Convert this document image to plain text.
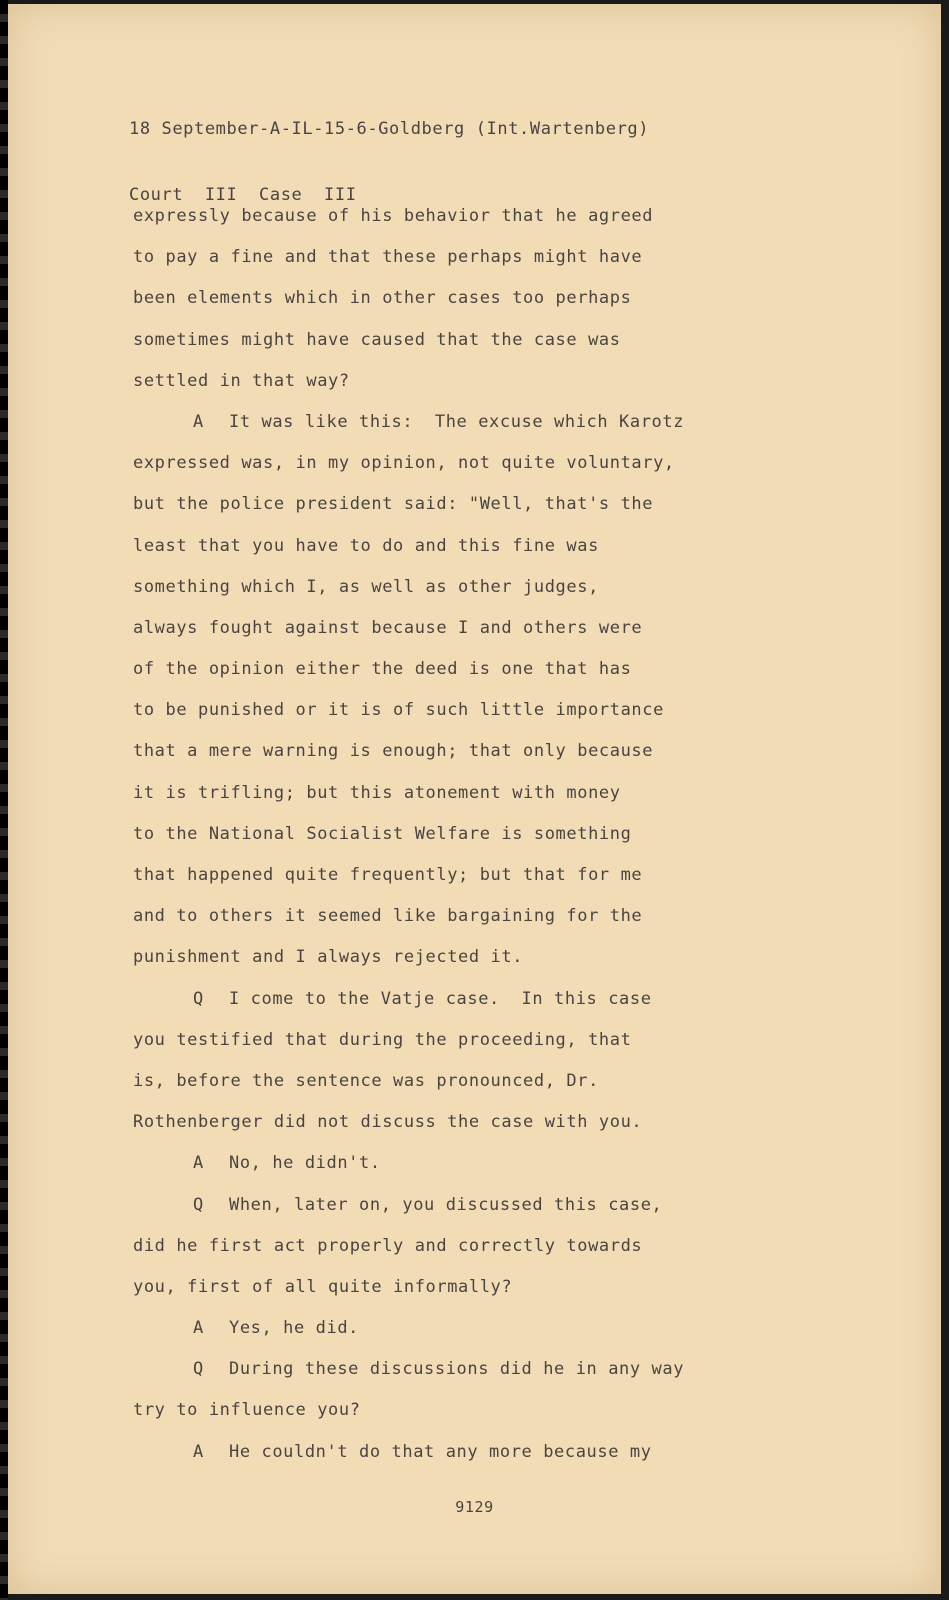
18 September-A-IL-15-6-Goldberg (Int.Wartenberg)

Court  III  Case  III

expressly because of his behavior that he agreed
to pay a fine and that these perhaps might have
been elements which in other cases too perhaps
sometimes might have caused that the case was
settled in that way?
A It was like this:  The excuse which Karotz
expressed was, in my opinion, not quite voluntary,
but the police president said: "Well, that's the
least that you have to do and this fine was
something which I, as well as other judges,
always fought against because I and others were
of the opinion either the deed is one that has
to be punished or it is of such little importance
that a mere warning is enough; that only because
it is trifling; but this atonement with money
to the National Socialist Welfare is something
that happened quite frequently; but that for me
and to others it seemed like bargaining for the
punishment and I always rejected it.
Q I come to the Vatje case.  In this case
you testified that during the proceeding, that
is, before the sentence was pronounced, Dr.
Rothenberger did not discuss the case with you.
A No, he didn't.
Q When, later on, you discussed this case,
did he first act properly and correctly towards
you, first of all quite informally?
A Yes, he did.
Q During these discussions did he in any way
try to influence you?
A He couldn't do that any more because my
9129
